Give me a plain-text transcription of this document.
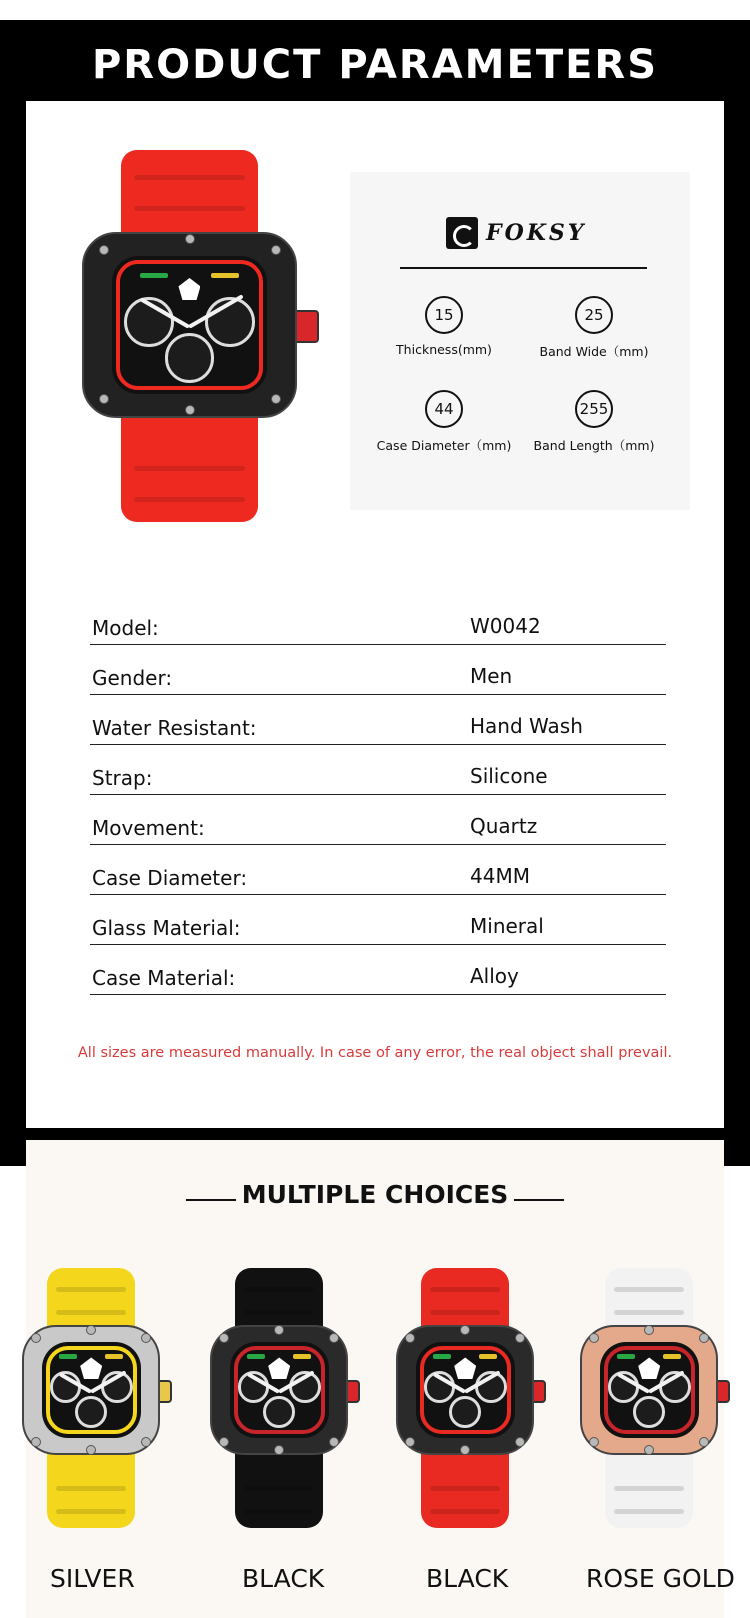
PRODUCT PARAMETERS
FOKSY
15
Thickness(mm)
25
Band Wide（mm)
44
Case Diameter（mm)
255
Band Length（mm)
Model:	W0042
Gender:	Men
Water Resistant:	Hand Wash
Strap:	Silicone
Movement:	Quartz
Case Diameter:	44MM
Glass Material:	Mineral
Case Material:	Alloy
All sizes are measured manually. In case of any error, the real object shall prevail.
MULTIPLE CHOICES
SILVER	BLACK	BLACK	ROSE GOLD
